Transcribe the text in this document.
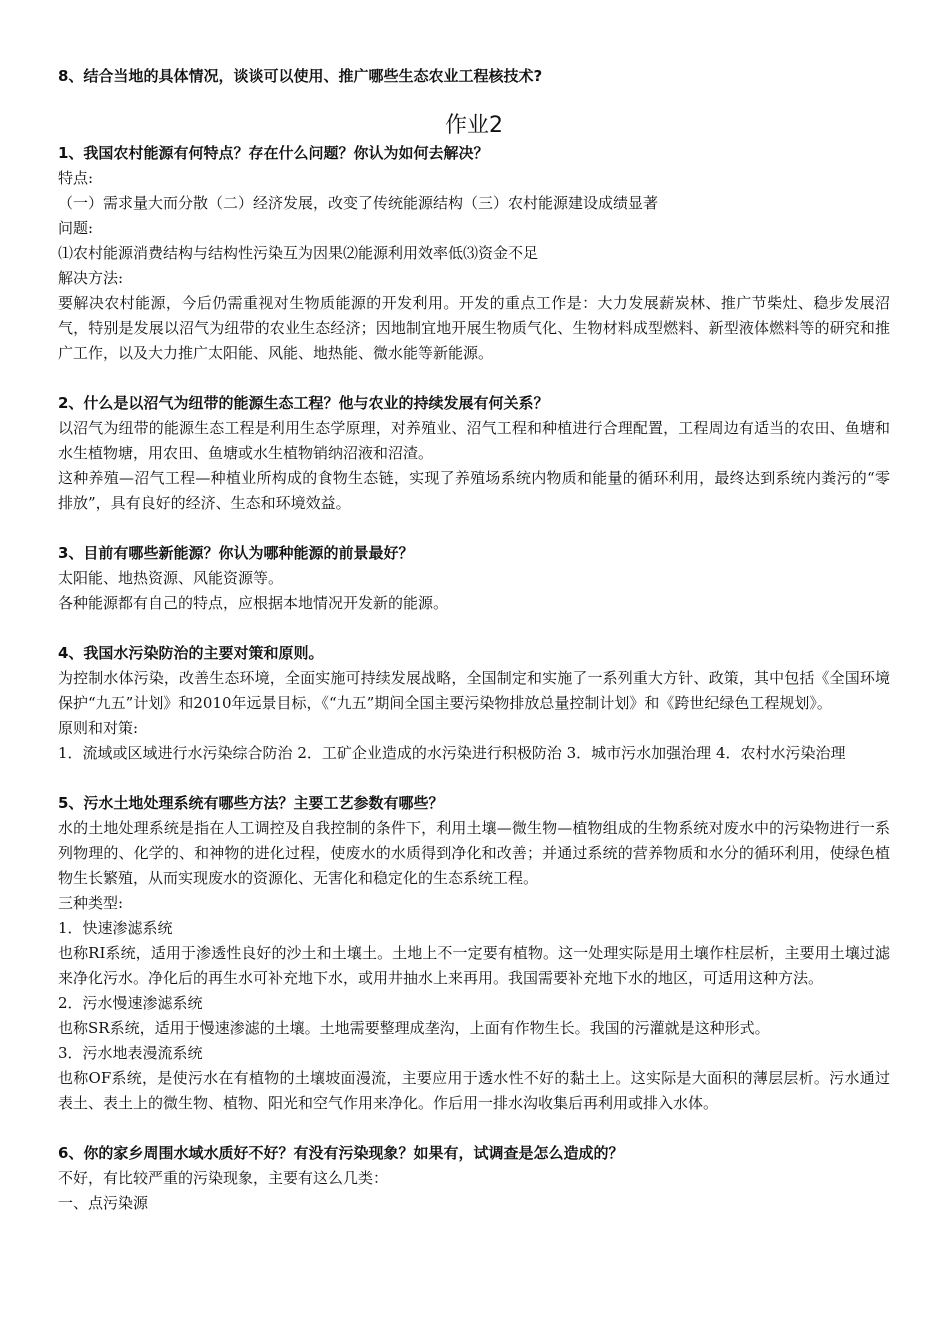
8、结合当地的具体情况，谈谈可以使用、推广哪些生态农业工程核技术?

作业2

1、我国农村能源有何特点？存在什么问题？你认为如何去解决？

特点:

（一）需求量大而分散（二）经济发展，改变了传统能源结构（三）农村能源建设成绩显著

问题:

⑴农村能源消费结构与结构性污染互为因果⑵能源利用效率低⑶资金不足

解决方法:

要解决农村能源，今后仍需重视对生物质能源的开发利用。开发的重点工作是：大力发展薪炭林、推广节柴灶、稳步发展沼气，特别是发展以沼气为纽带的农业生态经济；因地制宜地开展生物质气化、生物材料成型燃料、新型液体燃料等的研究和推广工作，以及大力推广太阳能、风能、地热能、微水能等新能源。

2、什么是以沼气为纽带的能源生态工程？他与农业的持续发展有何关系？

以沼气为纽带的能源生态工程是利用生态学原理，对养殖业、沼气工程和种植进行合理配置，工程周边有适当的农田、鱼塘和水生植物塘，用农田、鱼塘或水生植物销纳沼液和沼渣。

这种养殖—沼气工程—种植业所构成的食物生态链，实现了养殖场系统内物质和能量的循环利用，最终达到系统内粪污的“零排放”，具有良好的经济、生态和环境效益。

3、目前有哪些新能源？你认为哪种能源的前景最好？

太阳能、地热资源、风能资源等。

各种能源都有自己的特点，应根据本地情况开发新的能源。

4、我国水污染防治的主要对策和原则。

为控制水体污染，改善生态环境，全面实施可持续发展战略，全国制定和实施了一系列重大方针、政策，其中包括《全国环境保护“九五”计划》和2010年远景目标，《“九五”期间全国主要污染物排放总量控制计划》和《跨世纪绿色工程规划》。

原则和对策:

1．流域或区域进行水污染综合防治 2．工矿企业造成的水污染进行积极防治 3．城市污水加强治理 4．农村水污染治理

5、污水土地处理系统有哪些方法？主要工艺参数有哪些？

水的土地处理系统是指在人工调控及自我控制的条件下，利用土壤—微生物—植物组成的生物系统对废水中的污染物进行一系列物理的、化学的、和神物的进化过程，使废水的水质得到净化和改善；并通过系统的营养物质和水分的循环利用，使绿色植物生长繁殖，从而实现废水的资源化、无害化和稳定化的生态系统工程。

三种类型:

1．快速渗滤系统

也称RI系统，适用于渗透性良好的沙土和土壤土。土地上不一定要有植物。这一处理实际是用土壤作柱层析，主要用土壤过滤来净化污水。净化后的再生水可补充地下水，或用井抽水上来再用。我国需要补充地下水的地区，可适用这种方法。

2．污水慢速渗滤系统

也称SR系统，适用于慢速渗滤的土壤。土地需要整理成垄沟，上面有作物生长。我国的污灌就是这种形式。

3．污水地表漫流系统

也称OF系统，是使污水在有植物的土壤坡面漫流，主要应用于透水性不好的黏土上。这实际是大面积的薄层层析。污水通过表土、表土上的微生物、植物、阳光和空气作用来净化。作后用一排水沟收集后再利用或排入水体。

6、你的家乡周围水域水质好不好？有没有污染现象？如果有，试调查是怎么造成的？

不好，有比较严重的污染现象，主要有这么几类：

一、点污染源
